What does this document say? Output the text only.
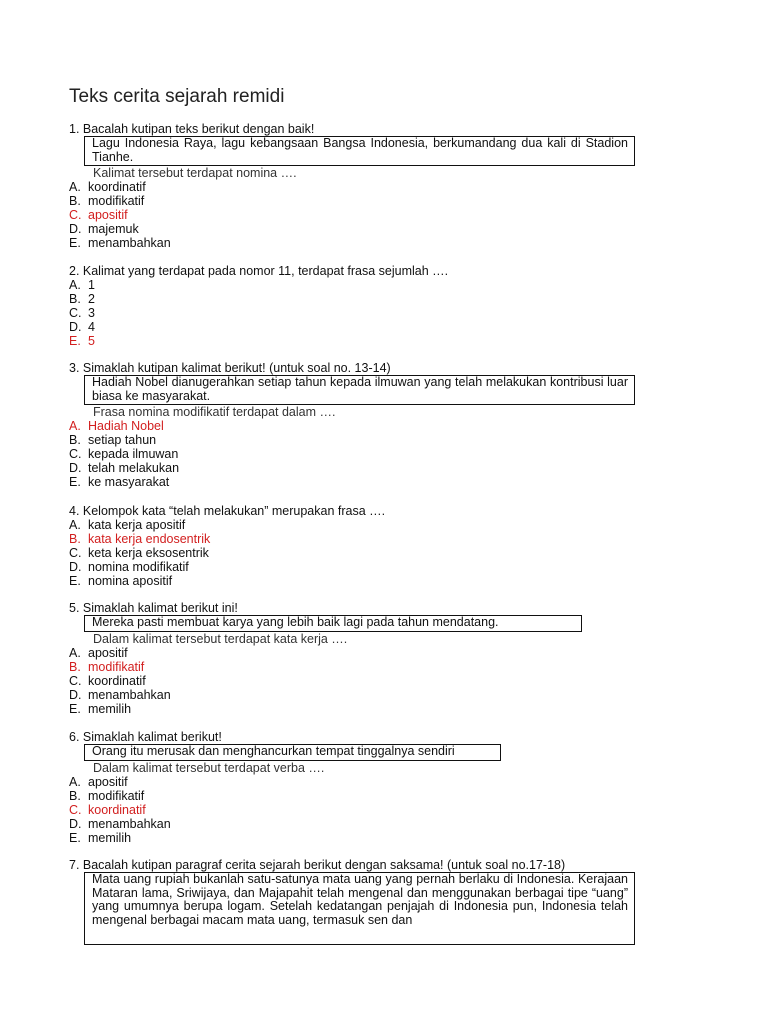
Teks cerita sejarah remidi
1. Bacalah kutipan teks berikut dengan baik!
Lagu Indonesia Raya, lagu kebangsaan Bangsa Indonesia, berkumandang dua kali di Stadion Tianhe.
Kalimat tersebut terdapat nomina ….
A. koordinatif
B. modifikatif
C. apositif
D. majemuk
E. menambahkan
2. Kalimat yang terdapat pada nomor 11, terdapat frasa sejumlah ….
A. 1
B. 2
C. 3
D. 4
E. 5
3. Simaklah kutipan kalimat berikut! (untuk soal no. 13-14)
Hadiah Nobel dianugerahkan setiap tahun kepada ilmuwan yang telah melakukan kontribusi luar biasa ke masyarakat.
Frasa nomina modifikatif terdapat dalam ….
A. Hadiah Nobel
B. setiap tahun
C. kepada ilmuwan
D. telah melakukan
E. ke masyarakat
4. Kelompok kata “telah melakukan” merupakan frasa ….
A. kata kerja apositif
B. kata kerja endosentrik
C. keta kerja eksosentrik
D. nomina modifikatif
E. nomina apositif
5. Simaklah kalimat berikut ini!
Mereka pasti membuat karya yang lebih baik lagi pada tahun mendatang.
Dalam kalimat tersebut terdapat kata kerja ….
A. apositif
B. modifikatif
C. koordinatif
D. menambahkan
E. memilih
6. Simaklah kalimat berikut!
Orang itu merusak dan menghancurkan tempat tinggalnya sendiri
Dalam kalimat tersebut terdapat verba ….
A. apositif
B. modifikatif
C. koordinatif
D. menambahkan
E. memilih
7. Bacalah kutipan paragraf cerita sejarah berikut dengan saksama! (untuk soal no.17-18)
Mata uang rupiah bukanlah satu-satunya mata uang yang pernah berlaku di Indonesia. Kerajaan Mataran lama, Sriwijaya, dan Majapahit telah mengenal dan menggunakan berbagai tipe “uang” yang umumnya berupa logam. Setelah kedatangan penjajah di Indonesia pun, Indonesia telah mengenal berbagai macam mata uang, termasuk sen dan
